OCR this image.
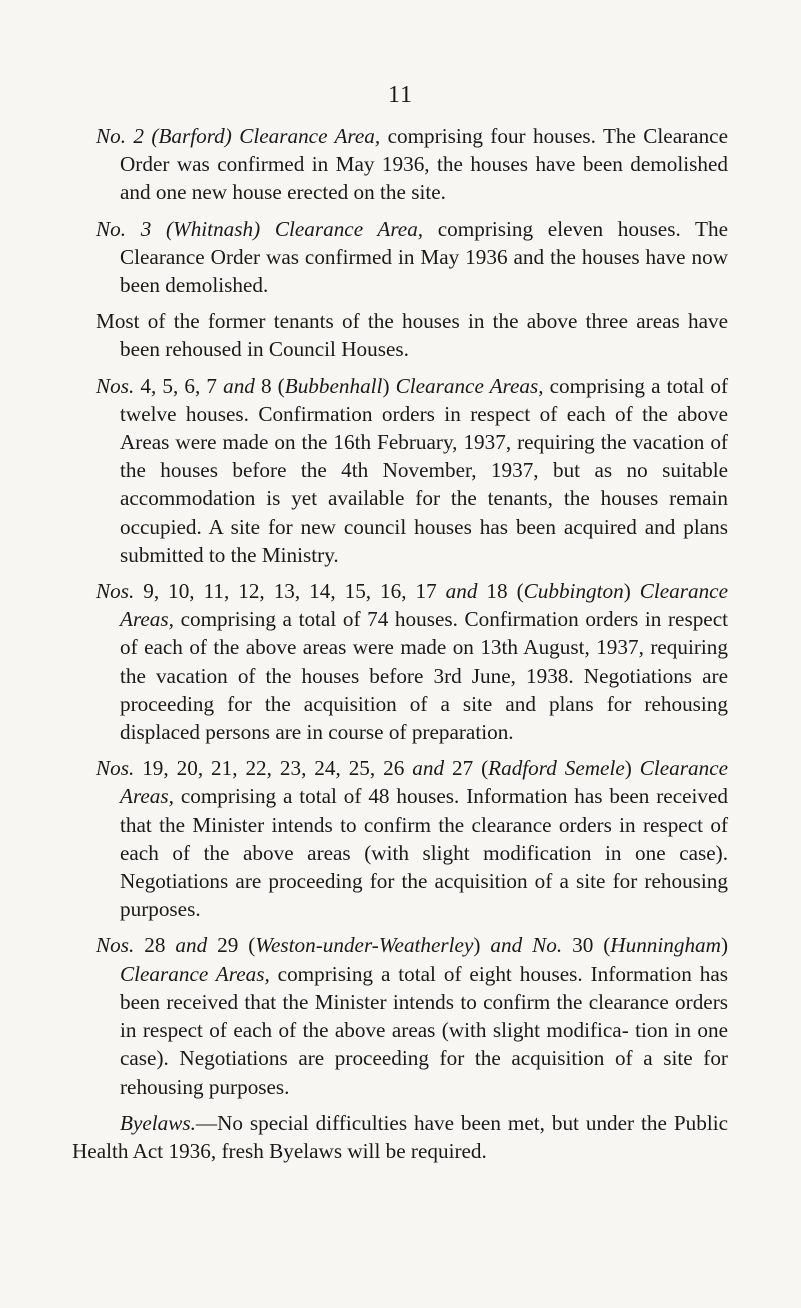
11

No. 2 (Barford) Clearance Area, comprising four houses. The Clearance Order was confirmed in May 1936, the houses have been demolished and one new house erected on the site.

No. 3 (Whitnash) Clearance Area, comprising eleven houses. The Clearance Order was confirmed in May 1936 and the houses have now been demolished.

Most of the former tenants of the houses in the above three areas have been rehoused in Council Houses.

Nos. 4, 5, 6, 7 and 8 (Bubbenhall) Clearance Areas, comprising a total of twelve houses. Confirmation orders in respect of each of the above Areas were made on the 16th February, 1937, requiring the vacation of the houses before the 4th November, 1937, but as no suitable accommodation is yet available for the tenants, the houses remain occupied. A site for new council houses has been acquired and plans submitted to the Ministry.

Nos. 9, 10, 11, 12, 13, 14, 15, 16, 17 and 18 (Cubbington) Clearance Areas, comprising a total of 74 houses. Confirmation orders in respect of each of the above areas were made on 13th August, 1937, requiring the vacation of the houses before 3rd June, 1938. Negotiations are proceeding for the acquisition of a site and plans for rehousing displaced persons are in course of preparation.

Nos. 19, 20, 21, 22, 23, 24, 25, 26 and 27 (Radford Semele) Clearance Areas, comprising a total of 48 houses. Information has been received that the Minister intends to confirm the clearance orders in respect of each of the above areas (with slight modification in one case). Negotiations are proceeding for the acquisition of a site for rehousing purposes.

Nos. 28 and 29 (Weston-under-Weatherley) and No. 30 (Hunningham) Clearance Areas, comprising a total of eight houses. Information has been received that the Minister intends to confirm the clearance orders in respect of each of the above areas (with slight modifica- tion in one case). Negotiations are proceeding for the acquisition of a site for rehousing purposes.

Byelaws.—No special difficulties have been met, but under the Public Health Act 1936, fresh Byelaws will be required.
